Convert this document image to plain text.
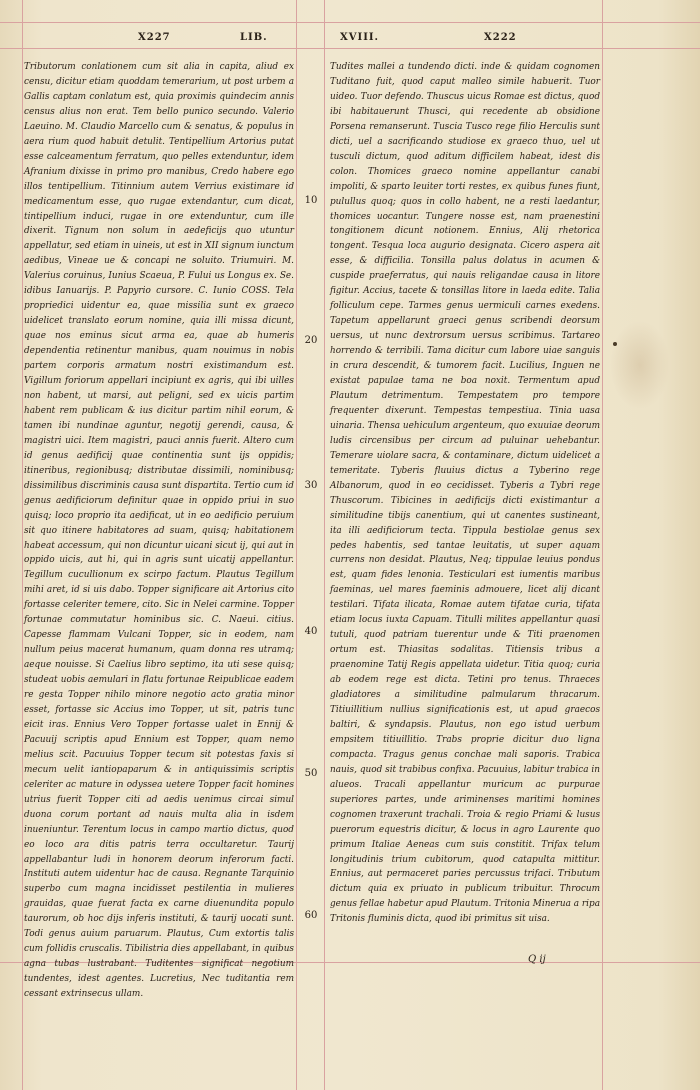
X227	LIB.	XVIII.	X222

Tributorum conlationem cum sit alia in capita, aliud ex censu, dicitur etiam quoddam temerarium, ut post urbem a Gallis captam conlatum est, quia proximis quindecim annis census alius non erat. Tem bello punico secundo. Valerio Laeuino. M. Claudio Marcello cum & senatus, & populus in aera rium quod habuit detulit. Tentipellium Artorius putat esse calceamentum ferratum, quo pelles extenduntur, idem Afranium dixisse in primo pro manibus, Credo habere ego illos tentipellium. Titinnium autem Verrius existimare id medicamentum esse, quo rugae extendantur, cum dicat, tintipellium induci, rugae in ore extenduntur, cum ille dixerit. Tignum non solum in aedeficijs quo utuntur appellatur, sed etiam in uineis, ut est in XII signum iunctum aedibus, Vineae ue & concapi ne soluito. Triumuiri. M. Valerius coruinus, Iunius Scaeua, P. Fului us Longus ex. Se. idibus Ianuarijs. P. Papyrio cursore. C. Iunio COSS. Tela propriedici uidentur ea, quae missilia sunt ex graeco uidelicet translato eorum nomine, quia illi missa dicunt, quae nos eminus sicut arma ea, quae ab humeris dependentia retinentur manibus, quam nouimus in nobis partem corporis armatum nostri existimandum est. Vigillum foriorum appellari incipiunt ex agris, qui ibi uilles non habent, ut marsi, aut peligni, sed ex uicis partim habent rem publicam & ius dicitur partim nihil eorum, & tamen ibi nundinae aguntur, negotij gerendi, causa, & magistri uici. Item magistri, pauci annis fuerit. Altero cum id genus aedificij quae continentia sunt ijs oppidis; itineribus, regionibusq; distributae dissimili, nominibusq; dissimilibus discriminis causa sunt dispartita. Tertio cum id genus aedificiorum definitur quae in oppido priui in suo quisq; loco proprio ita aedificat, ut in eo aedificio peruium sit quo itinere habitatores ad suam, quisq; habitationem habeat accessum, qui non dicuntur uicani sicut ij, qui aut in oppido uicis, aut hi, qui in agris sunt uicatij appellantur. Tegillum cucullionum ex scirpo factum. Plautus Tegillum mihi aret, id si uis dabo. Topper significare ait Artorius cito fortasse celeriter temere, cito. Sic in Nelei carmine. Topper fortunae commutatur hominibus sic. C. Naeui. citius. Capesse flammam Vulcani Topper, sic in eodem, nam nullum peius macerat humanum, quam donna res utramq; aeque nouisse. Si Caelius libro septimo, ita uti sese quisq; studeat uobis aemulari in flatu fortunae Reipublicae eadem re gesta Topper nihilo minore negotio acto gratia minor esset, fortasse sic Accius imo Topper, ut sit, patris tunc eicit iras. Ennius Vero Topper fortasse ualet in Ennij & Pacuuij scriptis apud Ennium est Topper, quam nemo melius scit. Pacuuius Topper tecum sit potestas faxis si mecum uelit iantiopaparum & in antiquissimis scriptis celeriter ac mature in odyssea uetere Topper facit homines utrius fuerit Topper citi ad aedis uenimus circai simul duona corum portant ad nauis multa alia in isdem inueniuntur. Terentum locus in campo martio dictus, quod eo loco ara ditis patris terra occultaretur. Taurij appellabantur ludi in honorem deorum inferorum facti. Instituti autem uidentur hac de causa. Regnante Tarquinio superbo cum magna incidisset pestilentia in mulieres grauidas, quae fuerat facta ex carne diuenundita populo taurorum, ob hoc dijs inferis instituti, & taurij uocati sunt. Todi genus auium paruarum. Plautus, Cum extortis talis cum follidis cruscalis. Tibilistria dies appellabant, in quibus agna tubas lustrabant. Tuditentes significat negotium tundentes, idest agentes. Lucretius, Nec tuditantia rem cessant extrinsecus ullam.

10
20
30
40
50
60

Tudites mallei a tundendo dicti. inde & quidam cognomen Tuditano fuit, quod caput malleo simile habuerit. Tuor uideo. Tuor defendo. Thuscus uicus Romae est dictus, quod ibi habitauerunt Thusci, qui recedente ab obsidione Porsena remanserunt. Tuscia Tusco rege filio Herculis sunt dicti, uel a sacrificando studiose ex graeco thuo, uel ut tusculi dictum, quod aditum difficilem habeat, idest dis colon. Thomices graeco nomine appellantur canabi impoliti, & sparto leuiter torti restes, ex quibus funes fiunt, pulullus quoq; quos in collo habent, ne a resti laedantur, thomices uocantur. Tungere nosse est, nam praenestini tongitionem dicunt notionem. Ennius, Alij rhetorica tongent. Tesqua loca augurio designata. Cicero aspera ait esse, & difficilia. Tonsilla palus dolatus in acumen & cuspide praeferratus, qui nauis religandae causa in litore figitur. Accius, tacete & tonsillas litore in laeda edite. Talia folliculum cepe. Tarmes genus uermiculi carnes exedens. Tapetum appellarunt graeci genus scribendi deorsum uersus, ut nunc dextrorsum uersus scribimus. Tartareo horrendo & terribili. Tama dicitur cum labore uiae sanguis in crura descendit, & tumorem facit. Lucilius, Inguen ne existat papulae tama ne boa noxit. Termentum apud Plautum detrimentum. Tempestatem pro tempore frequenter dixerunt. Tempestas tempestiua. Tinia uasa uinaria. Thensa uehiculum argenteum, quo exuuiae deorum ludis circensibus per circum ad puluinar uehebantur. Temerare uiolare sacra, & contaminare, dictum uidelicet a temeritate. Tyberis fluuius dictus a Tyberino rege Albanorum, quod in eo cecidisset. Tyberis a Tybri rege Thuscorum. Tibicines in aedificijs dicti existimantur a similitudine tibijs canentium, qui ut canentes sustineant, ita illi aedificiorum tecta. Tippula bestiolae genus sex pedes habentis, sed tantae leuitatis, ut super aquam currens non desidat. Plautus, Neq; tippulae leuius pondus est, quam fides lenonia. Testiculari est iumentis maribus faeminas, uel mares faeminis admouere, licet alij dicant testilari. Tifata ilicata, Romae autem tifatae curia, tifata etiam locus iuxta Capuam. Titulli milites appellantur quasi tutuli, quod patriam tuerentur unde & Titi praenomen ortum est. Thiasitas sodalitas. Titiensis tribus a praenomine Tatij Regis appellata uidetur. Titia quoq; curia ab eodem rege est dicta. Tetini pro tenus. Thraeces gladiatores a similitudine palmularum thracarum. Titiuillitium nullius significationis est, ut apud graecos baltiri, & syndapsis. Plautus, non ego istud uerbum empsitem titiuillitio. Trabs proprie dicitur duo ligna compacta. Tragus genus conchae mali saporis. Trabica nauis, quod sit trabibus confixa. Pacuuius, labitur trabica in alueos. Tracali appellantur muricum ac purpurae superiores partes, unde ariminenses maritimi homines cognomen traxerunt trachali. Troia & regio Priami & lusus puerorum equestris dicitur, & locus in agro Laurente quo primum Italiae Aeneas cum suis constitit. Trifax telum longitudinis trium cubitorum, quod catapulta mittitur. Ennius, aut permaceret paries percussus trifaci. Tributum dictum quia ex priuato in publicum tribuitur. Throcum genus fellae habetur apud Plautum. Tritonia Minerua a ripa Tritonis fluminis dicta, quod ibi primitus sit uisa.

Q ij
